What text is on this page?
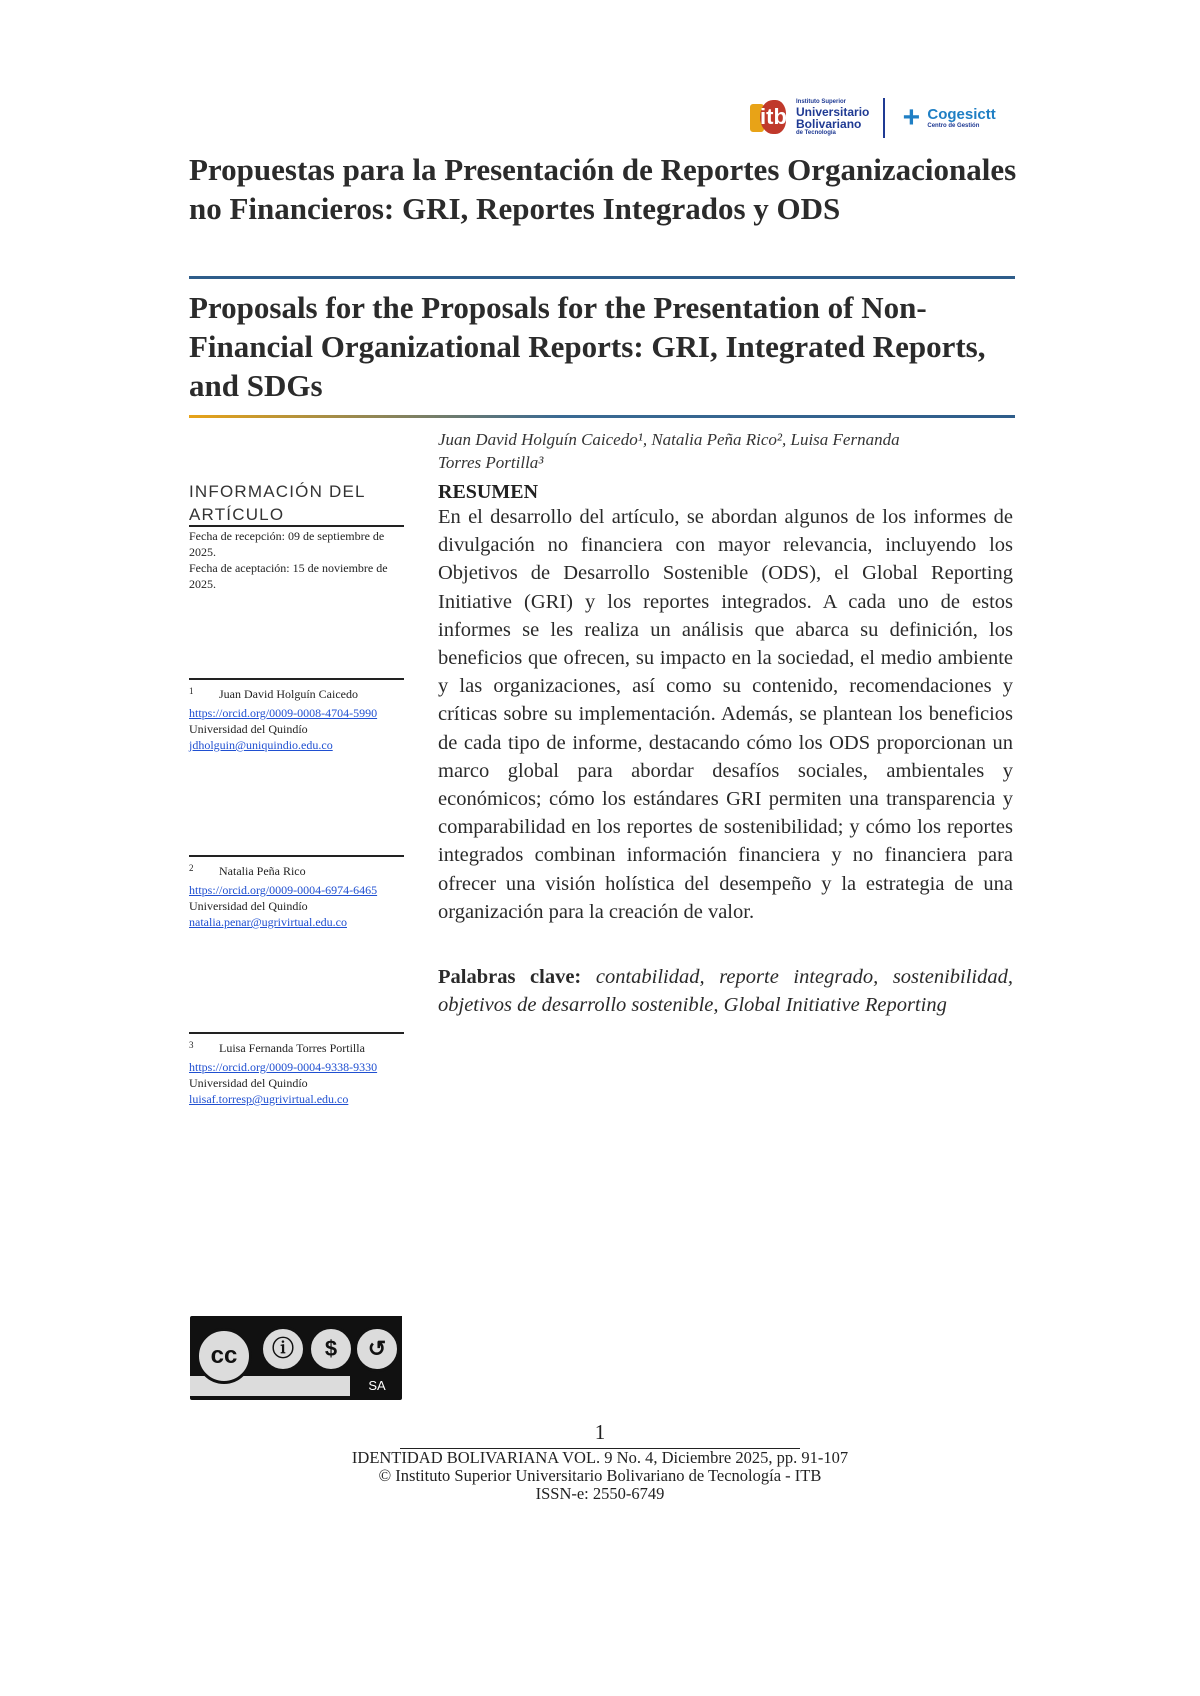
itb
Instituto Superior
Universitario
Bolivariano
de Tecnología	+ Cogesictt
Centro de Gestión
Propuestas para la Presentación de Reportes Organizacionales no Financieros: GRI, Reportes Integrados y ODS
Proposals for the Proposals for the Presentation of Non-Financial Organizational Reports: GRI, Integrated Reports, and SDGs
Juan David Holguín Caicedo¹, Natalia Peña Rico², Luisa Fernanda
Torres Portilla³
INFORMACIÓN DEL ARTÍCULO

Fecha de recepción: 09 de septiembre de 2025.

Fecha de aceptación: 15 de noviembre de 2025.

1	Juan David Holguín Caicedo
https://orcid.org/0009-0008-4704-5990
Universidad del Quindío
jdholguin@uniquindio.edu.co
2	Natalia Peña Rico
https://orcid.org/0009-0004-6974-6465
Universidad del Quindío
natalia.penar@ugrivirtual.edu.co
3	Luisa Fernanda Torres Portilla
https://orcid.org/0009-0004-9338-9330
Universidad del Quindío
luisaf.torresp@ugrivirtual.edu.co
RESUMEN

En el desarrollo del artículo, se abordan algunos de los informes de divulgación no financiera con mayor relevancia, incluyendo los Objetivos de Desarrollo Sostenible (ODS), el Global Reporting Initiative (GRI) y los reportes integrados. A cada uno de estos informes se les realiza un análisis que abarca su definición, los beneficios que ofrecen, su impacto en la sociedad, el medio ambiente y las organizaciones, así como su contenido, recomendaciones y críticas sobre su implementación. Además, se plantean los beneficios de cada tipo de informe, destacando cómo los ODS proporcionan un marco global para abordar desafíos sociales, ambientales y económicos; cómo los estándares GRI permiten una transparencia y comparabilidad en los reportes de sostenibilidad; y cómo los reportes integrados combinan información financiera y no financiera para ofrecer una visión holística del desempeño y la estrategia de una organización para la creación de valor.

Palabras clave: contabilidad, reporte integrado, sostenibilidad, objetivos de desarrollo sostenible, Global Initiative Reporting

cc	ⓘ	$	↺
SA
1
IDENTIDAD BOLIVARIANA VOL. 9 No. 4, Diciembre 2025, pp. 91-107
© Instituto Superior Universitario Bolivariano de Tecnología - ITB
ISSN-e: 2550-6749
